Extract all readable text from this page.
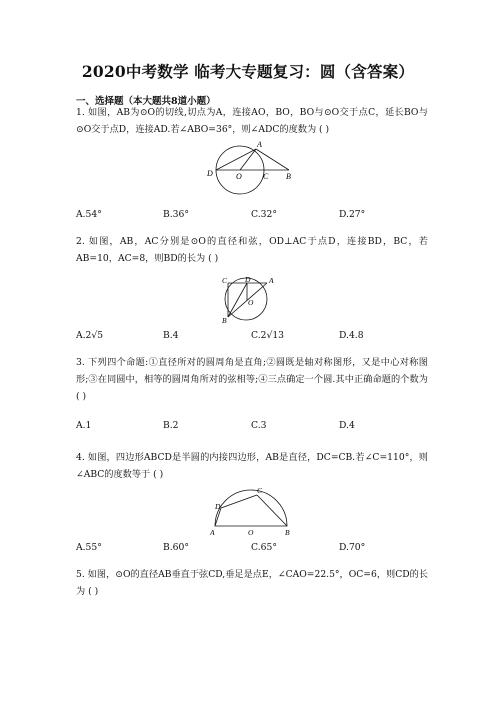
2020中考数学 临考大专题复习：圆（含答案）
一、选择题（本大题共8道小题）
1. 如图，AB为⊙O的切线,切点为A，连接AO，BO，BO与⊙O交于点C，延长BO与⊙O交于点D，连接AD.若∠ABO=36°，则∠ADC的度数为 ( )
A
D	O	C B
A.54°	B.36°	C.32°	D.27°
2. 如图，AB，AC分别是⊙O的直径和弦，OD⊥AC于点D，连接BD，BC，若AB=10，AC=8，则BD的长为 ( )
C D A
O
B
A.2√5	B.4	C.2√13	D.4.8
3. 下列四个命题:①直径所对的圆周角是直角;②圆既是轴对称图形，又是中心对称图形;③在同圆中，相等的圆周角所对的弦相等;④三点确定一个圆.其中正确命题的个数为 ( )
A.1	B.2	C.3	D.4
4. 如图，四边形ABCD是半圆的内接四边形，AB是直径，DC=CB.若∠C=110°，则∠ABC的度数等于 ( )
C
D
A	O	B
A.55°	B.60°	C.65°	D.70°
5. 如图，⊙O的直径AB垂直于弦CD,垂足是点E，∠CAO=22.5°，OC=6，则CD的长为 ( )
